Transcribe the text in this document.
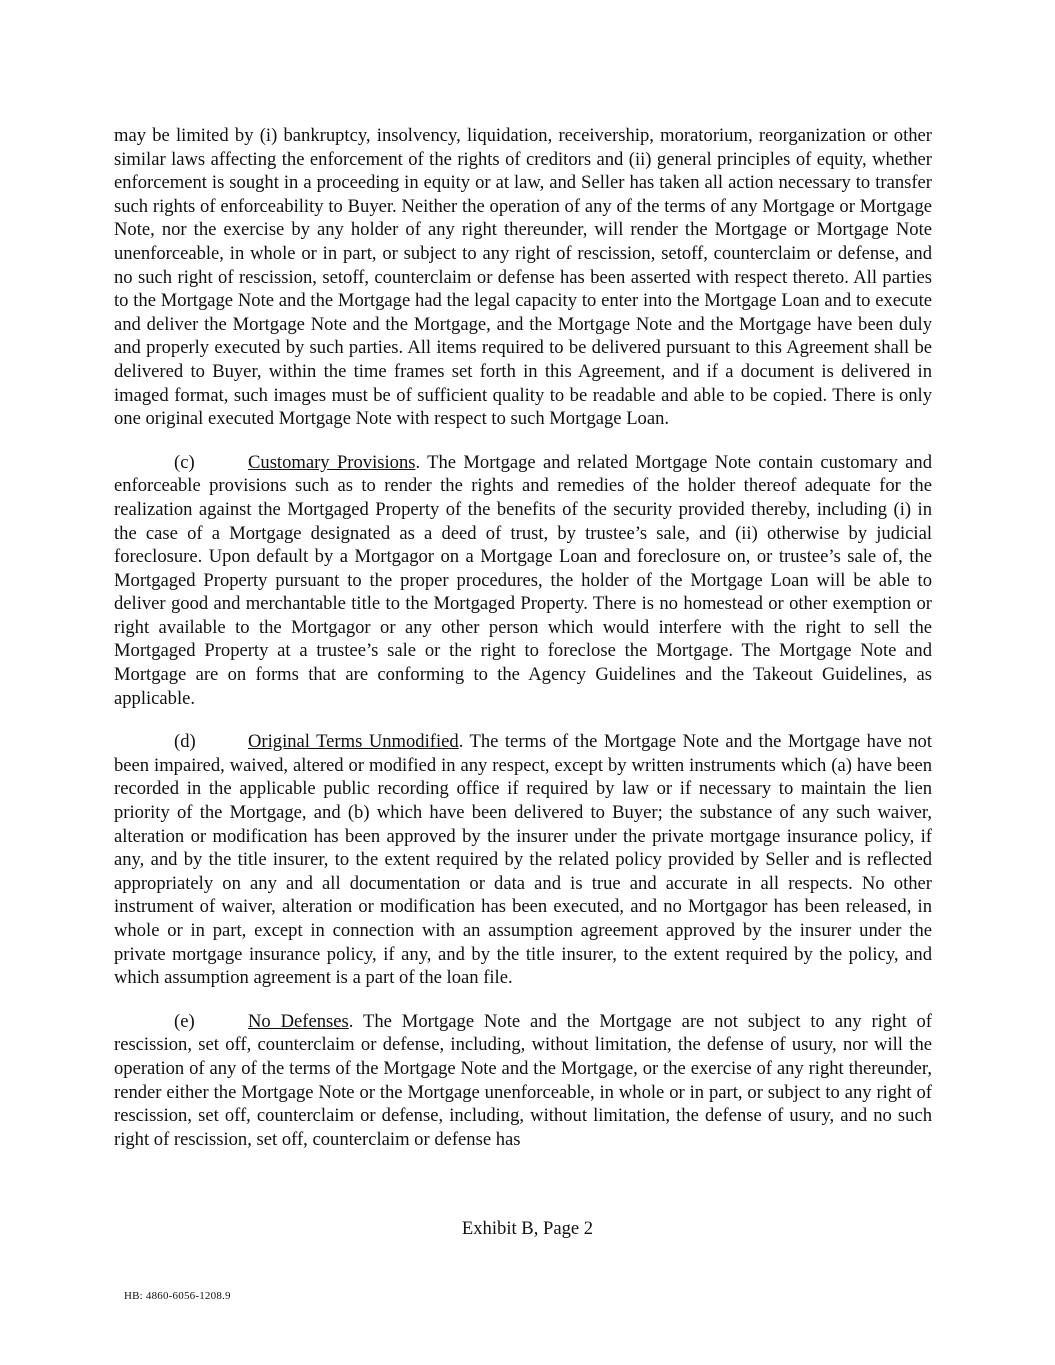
may be limited by (i) bankruptcy, insolvency, liquidation, receivership, moratorium, reorganization or other similar laws affecting the enforcement of the rights of creditors and (ii) general principles of equity, whether enforcement is sought in a proceeding in equity or at law, and Seller has taken all action necessary to transfer such rights of enforceability to Buyer. Neither the operation of any of the terms of any Mortgage or Mortgage Note, nor the exercise by any holder of any right thereunder, will render the Mortgage or Mortgage Note unenforceable, in whole or in part, or subject to any right of rescission, setoff, counterclaim or defense, and no such right of rescission, setoff, counterclaim or defense has been asserted with respect thereto. All parties to the Mortgage Note and the Mortgage had the legal capacity to enter into the Mortgage Loan and to execute and deliver the Mortgage Note and the Mortgage, and the Mortgage Note and the Mortgage have been duly and properly executed by such parties. All items required to be delivered pursuant to this Agreement shall be delivered to Buyer, within the time frames set forth in this Agreement, and if a document is delivered in imaged format, such images must be of sufficient quality to be readable and able to be copied. There is only one original executed Mortgage Note with respect to such Mortgage Loan.

(c)	Customary Provisions. The Mortgage and related Mortgage Note contain customary and enforceable provisions such as to render the rights and remedies of the holder thereof adequate for the realization against the Mortgaged Property of the benefits of the security provided thereby, including (i) in the case of a Mortgage designated as a deed of trust, by trustee’s sale, and (ii) otherwise by judicial foreclosure. Upon default by a Mortgagor on a Mortgage Loan and foreclosure on, or trustee’s sale of, the Mortgaged Property pursuant to the proper procedures, the holder of the Mortgage Loan will be able to deliver good and merchantable title to the Mortgaged Property. There is no homestead or other exemption or right available to the Mortgagor or any other person which would interfere with the right to sell the Mortgaged Property at a trustee’s sale or the right to foreclose the Mortgage. The Mortgage Note and Mortgage are on forms that are conforming to the Agency Guidelines and the Takeout Guidelines, as applicable.

(d)	Original Terms Unmodified. The terms of the Mortgage Note and the Mortgage have not been impaired, waived, altered or modified in any respect, except by written instruments which (a) have been recorded in the applicable public recording office if required by law or if necessary to maintain the lien priority of the Mortgage, and (b) which have been delivered to Buyer; the substance of any such waiver, alteration or modification has been approved by the insurer under the private mortgage insurance policy, if any, and by the title insurer, to the extent required by the related policy provided by Seller and is reflected appropriately on any and all documentation or data and is true and accurate in all respects. No other instrument of waiver, alteration or modification has been executed, and no Mortgagor has been released, in whole or in part, except in connection with an assumption agreement approved by the insurer under the private mortgage insurance policy, if any, and by the title insurer, to the extent required by the policy, and which assumption agreement is a part of the loan file.

(e)	No Defenses. The Mortgage Note and the Mortgage are not subject to any right of rescission, set off, counterclaim or defense, including, without limitation, the defense of usury, nor will the operation of any of the terms of the Mortgage Note and the Mortgage, or the exercise of any right thereunder, render either the Mortgage Note or the Mortgage unenforceable, in whole or in part, or subject to any right of rescission, set off, counterclaim or defense, including, without limitation, the defense of usury, and no such right of rescission, set off, counterclaim or defense has

Exhibit B, Page 2
HB: 4860-6056-1208.9
